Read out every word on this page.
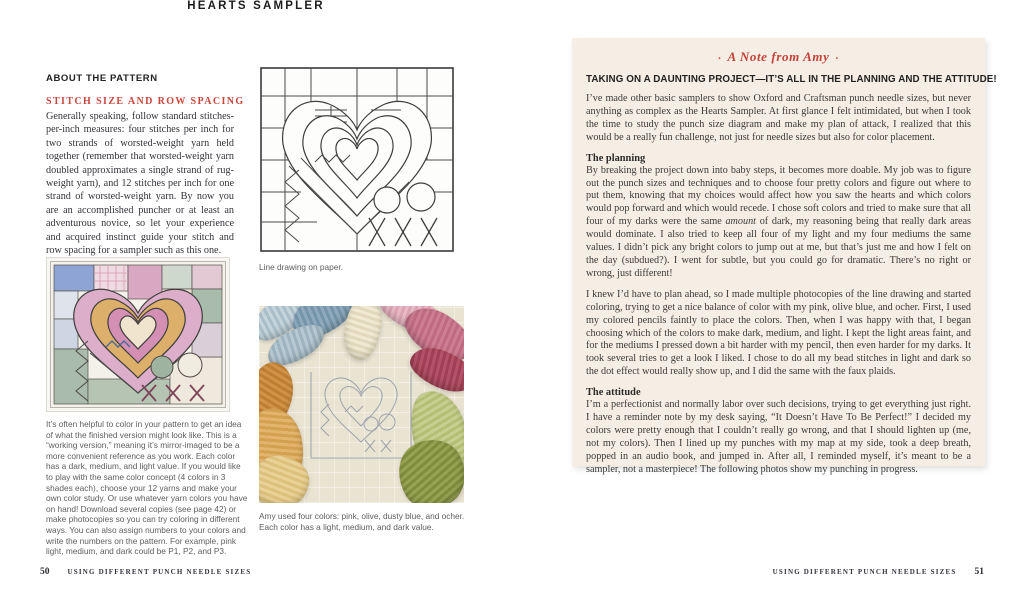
HEARTS SAMPLER
ABOUT THE PATTERN
STITCH SIZE AND ROW SPACING

Generally speaking, follow standard stitches-per-inch measures: four stitches per inch for two strands of worsted-weight yarn held together (remember that worsted-weight yarn doubled approximates a single strand of rug-weight yarn), and 12 stitches per inch for one strand of worsted-weight yarn. By now you are an accomplished puncher or at least an adventurous novice, so let your experience and acquired instinct guide your stitch and row spacing for a sampler such as this one.

It’s often helpful to color in your pattern to get an idea of what the finished version might look like. This is a “working version,” meaning it’s mirror-imaged to be a more convenient reference as you work. Each color has a dark, medium, and light value. If you would like to play with the same color concept (4 colors in 3 shades each), choose your 12 yarns and make your own color study. Or use whatever yarn colors you have on hand! Download several copies (see page 42) or make photocopies so you can try coloring in different ways. You can also assign numbers to your colors and write the numbers on the pattern. For example, pink light, medium, and dark could be P1, P2, and P3.

Line drawing on paper.

Amy used four colors: pink, olive, dusty blue, and ocher. Each color has a light, medium, and dark value.

50	USING DIFFERENT PUNCH NEEDLE SIZES
. A Note from Amy .
TAKING ON A DAUNTING PROJECT—IT’S ALL IN THE PLANNING AND THE ATTITUDE!

I’ve made other basic samplers to show Oxford and Craftsman punch needle sizes, but never anything as complex as the Hearts Sampler. At first glance I felt intimidated, but when I took the time to study the punch size diagram and make my plan of attack, I realized that this would be a really fun challenge, not just for needle sizes but also for color placement.

The planning

By breaking the project down into baby steps, it becomes more doable. My job was to figure out the punch sizes and techniques and to choose four pretty colors and figure out where to put them, knowing that my choices would affect how you saw the hearts and which colors would pop forward and which would recede. I chose soft colors and tried to make sure that all four of my darks were the same amount of dark, my reasoning being that really dark areas would dominate. I also tried to keep all four of my light and my four mediums the same values. I didn’t pick any bright colors to jump out at me, but that’s just me and how I felt on the day (subdued?). I went for subtle, but you could go for dramatic. There’s no right or wrong, just different!

I knew I’d have to plan ahead, so I made multiple photocopies of the line drawing and started coloring, trying to get a nice balance of color with my pink, olive blue, and ocher. First, I used my colored pencils faintly to place the colors. Then, when I was happy with that, I began choosing which of the colors to make dark, medium, and light. I kept the light areas faint, and for the mediums I pressed down a bit harder with my pencil, then even harder for my darks. It took several tries to get a look I liked. I chose to do all my bead stitches in light and dark so the dot effect would really show up, and I did the same with the faux plaids.

The attitude

I’m a perfectionist and normally labor over such decisions, trying to get everything just right. I have a reminder note by my desk saying, “It Doesn’t Have To Be Perfect!” I decided my colors were pretty enough that I couldn’t really go wrong, and that I should lighten up (me, not my colors). Then I lined up my punches with my map at my side, took a deep breath, popped in an audio book, and jumped in. After all, I reminded myself, it’s meant to be a sampler, not a masterpiece! The following photos show my punching in progress.

USING DIFFERENT PUNCH NEEDLE SIZES 51
